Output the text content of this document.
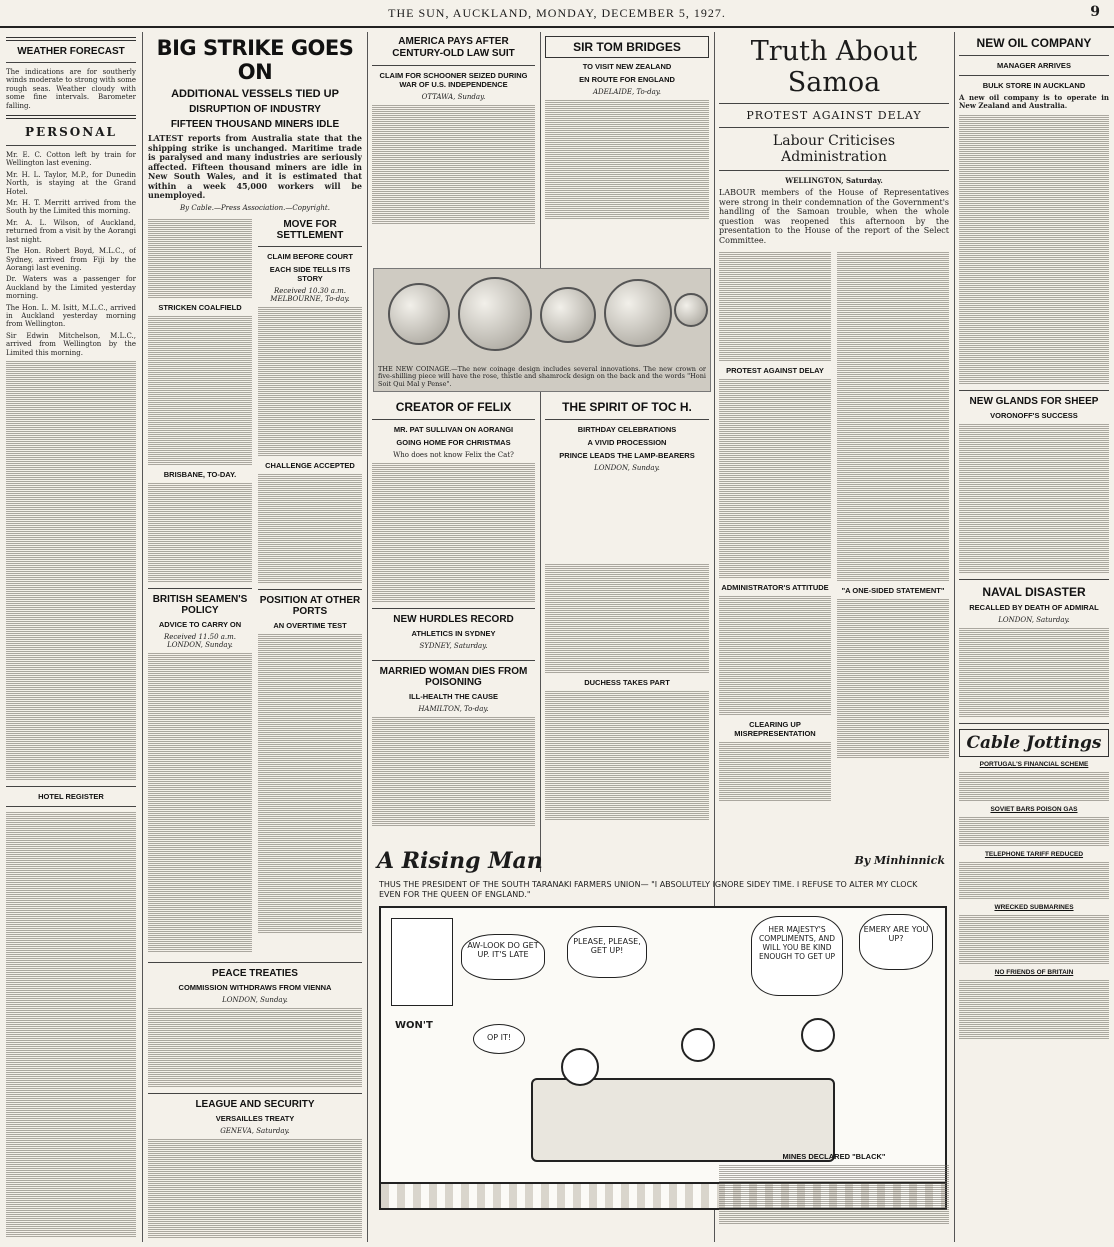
THE SUN, AUCKLAND, MONDAY, DECEMBER 5, 1927.	9
WEATHER FORECAST

The indications are for southerly winds moderate to strong with some rough seas. Weather cloudy with some fine intervals. Barometer falling.

PERSONAL

Mr. E. C. Cotton left by train for Wellington last evening.

Mr. H. L. Taylor, M.P., for Dunedin North, is staying at the Grand Hotel.

Mr. H. T. Merritt arrived from the South by the Limited this morning.

Mr. A. L. Wilson, of Auckland, returned from a visit by the Aorangi last night.

The Hon. Robert Boyd, M.L.C., of Sydney, arrived from Fiji by the Aorangi last evening.

Dr. Waters was a passenger for Auckland by the Limited yesterday morning.

The Hon. L. M. Isitt, M.L.C., arrived in Auckland yesterday morning from Wellington.

Sir Edwin Mitchelson, M.L.C., arrived from Wellington by the Limited this morning.

HOTEL REGISTER
BIG STRIKE GOES ON
ADDITIONAL VESSELS TIED UP
DISRUPTION OF INDUSTRY
FIFTEEN THOUSAND MINERS IDLE

LATEST reports from Australia state that the shipping strike is unchanged. Maritime trade is paralysed and many industries are seriously affected. Fifteen thousand miners are idle in New South Wales, and it is estimated that within a week 45,000 workers will be unemployed.

By Cable.—Press Association.—Copyright.
STRICKEN COALFIELD
BRISBANE, TO-DAY.
BRITISH SEAMEN'S POLICY
ADVICE TO CARRY ON
Received 11.50 a.m. LONDON, Sunday.
MOVE FOR SETTLEMENT
CLAIM BEFORE COURT
EACH SIDE TELLS ITS STORY
Received 10.30 a.m. MELBOURNE, To-day.
CHALLENGE ACCEPTED
POSITION AT OTHER PORTS
AN OVERTIME TEST
PEACE TREATIES
COMMISSION WITHDRAWS FROM VIENNA
LONDON, Sunday.
LEAGUE AND SECURITY
VERSAILLES TREATY
GENEVA, Saturday.
AMERICA PAYS AFTER CENTURY-OLD LAW SUIT
CLAIM FOR SCHOONER SEIZED DURING WAR OF U.S. INDEPENDENCE
OTTAWA, Sunday.
SIR TOM BRIDGES
TO VISIT NEW ZEALAND
EN ROUTE FOR ENGLAND
ADELAIDE, To-day.
THE NEW COINAGE.—The new coinage design includes several innovations. The new crown or five-shilling piece will have the rose, thistle and shamrock design on the back and the words "Honi Soit Qui Mal y Pense".
CREATOR OF FELIX
MR. PAT SULLIVAN ON AORANGI
GOING HOME FOR CHRISTMAS

Who does not know Felix the Cat?

NEW HURDLES RECORD
ATHLETICS IN SYDNEY
SYDNEY, Saturday.
THE SPIRIT OF TOC H.
BIRTHDAY CELEBRATIONS
A VIVID PROCESSION
PRINCE LEADS THE LAMP-BEARERS
LONDON, Sunday.
DUCHESS TAKES PART
MARRIED WOMAN DIES FROM POISONING
ILL-HEALTH THE CAUSE
HAMILTON, To-day.
A Rising Man	By Minhinnick
THUS THE PRESIDENT OF THE SOUTH TARANAKI FARMERS UNION— "I ABSOLUTELY IGNORE SIDEY TIME. I REFUSE TO ALTER MY CLOCK EVEN FOR THE QUEEN OF ENGLAND."
AW-LOOK DO GET UP. IT'S LATE
PLEASE, PLEASE, GET UP!
HER MAJESTY'S COMPLIMENTS, AND WILL YOU BE KIND ENOUGH TO GET UP
EMERY ARE YOU UP?
WON'T
OP IT!
Truth About Samoa
PROTEST AGAINST DELAY
Labour Criticises Administration
WELLINGTON, Saturday.

LABOUR members of the House of Representatives were strong in their condemnation of the Government's handling of the Samoan trouble, when the whole question was reopened this afternoon by the presentation to the House of the report of the Select Committee.

PROTEST AGAINST DELAY
ADMINISTRATOR'S ATTITUDE
CLEARING UP MISREPRESENTATION
"A ONE-SIDED STATEMENT"
MINES DECLARED "BLACK"
NEW OIL COMPANY
MANAGER ARRIVES
BULK STORE IN AUCKLAND

A new oil company is to operate in New Zealand and Australia.

NEW GLANDS FOR SHEEP
VORONOFF'S SUCCESS
NAVAL DISASTER
RECALLED BY DEATH OF ADMIRAL
LONDON, Saturday.
Cable Jottings
PORTUGAL'S FINANCIAL SCHEME
SOVIET BARS POISON GAS
TELEPHONE TARIFF REDUCED
WRECKED SUBMARINES
NO FRIENDS OF BRITAIN
